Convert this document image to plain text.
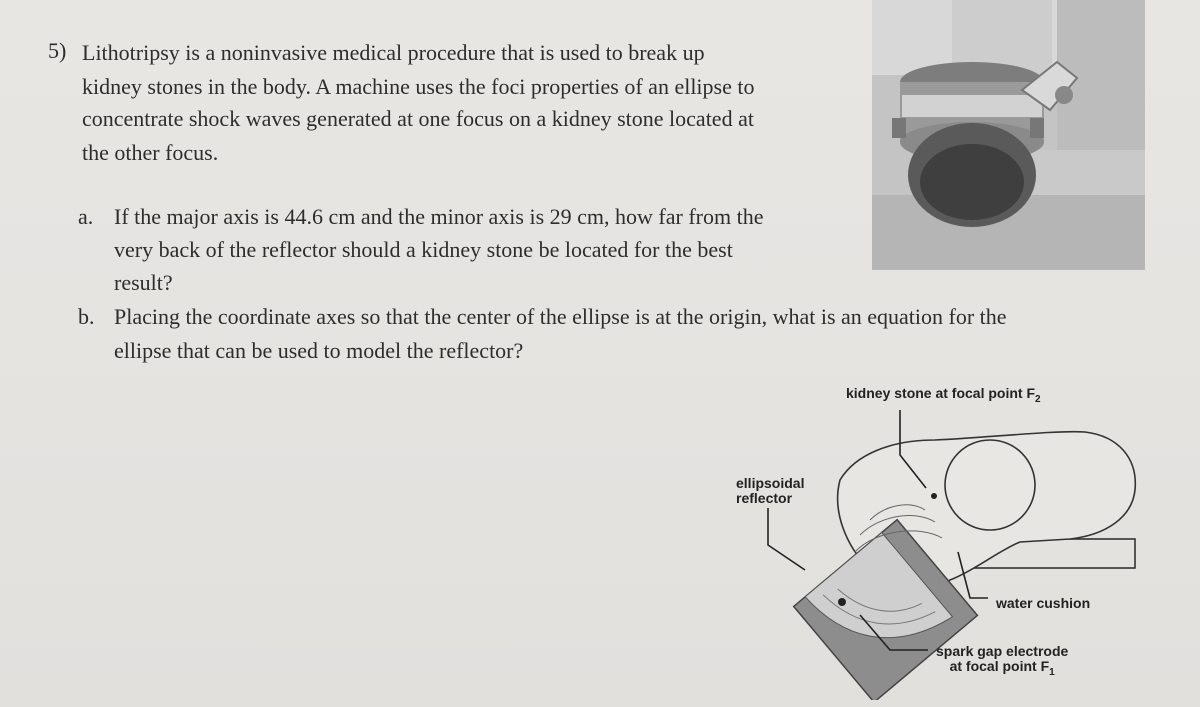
5) Lithotripsy is a noninvasive medical procedure that is used to break up
kidney stones in the body. A machine uses the foci properties of an ellipse to
concentrate shock waves generated at one focus on a kidney stone located at
the other focus.
a. If the major axis is 44.6 cm and the minor axis is 29 cm, how far from the
very back of the reflector should a kidney stone be located for the best
result?
b. Placing the coordinate axes so that the center of the ellipse is at the origin, what is an equation for the
ellipse that can be used to model the reflector?
kidney stone at focal point $F_2$
ellipsoidal
reflector
water cushion
spark gap electrode
at focal point $F_1$
